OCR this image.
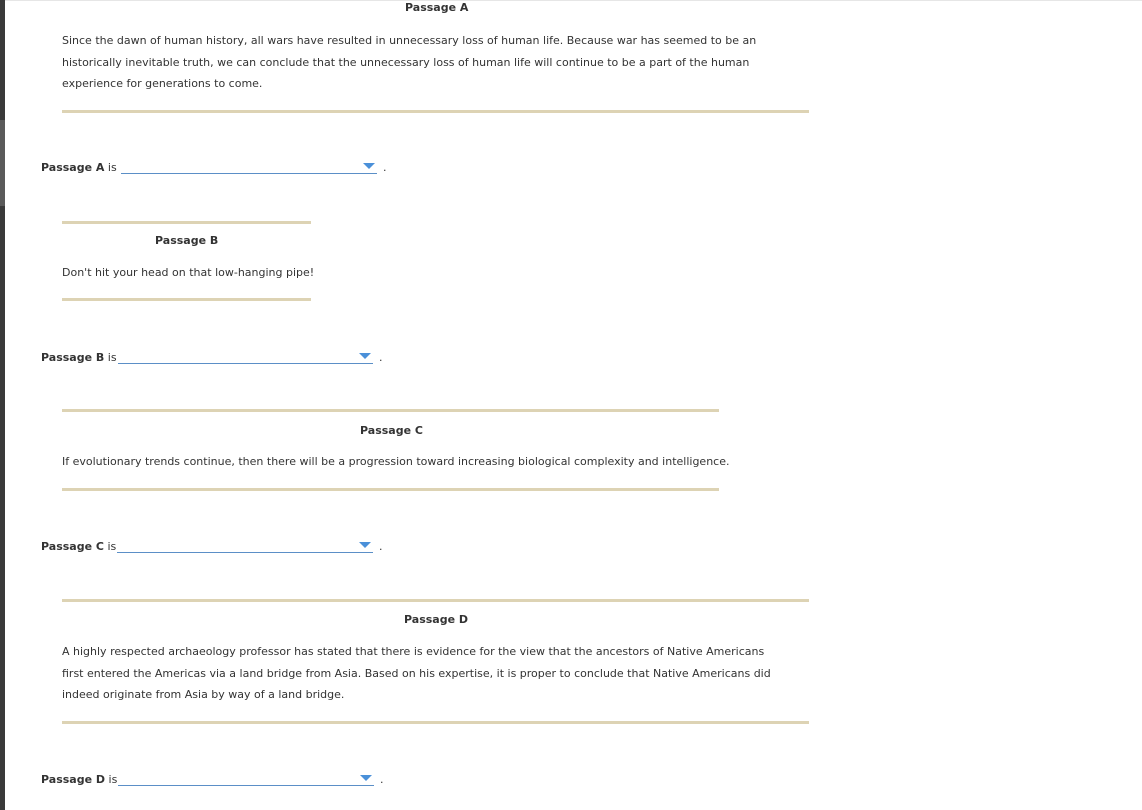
Passage A
Since the dawn of human history, all wars have resulted in unnecessary loss of human life. Because war has seemed to be an historically inevitable truth, we can conclude that the unnecessary loss of human life will continue to be a part of the human experience for generations to come.
Passage A is	.
Passage B
Don't hit your head on that low-hanging pipe!
Passage B is	.
Passage C
If evolutionary trends continue, then there will be a progression toward increasing biological complexity and intelligence.
Passage C is	.
Passage D
A highly respected archaeology professor has stated that there is evidence for the view that the ancestors of Native Americans first entered the Americas via a land bridge from Asia. Based on his expertise, it is proper to conclude that Native Americans did indeed originate from Asia by way of a land bridge.
Passage D is	.
